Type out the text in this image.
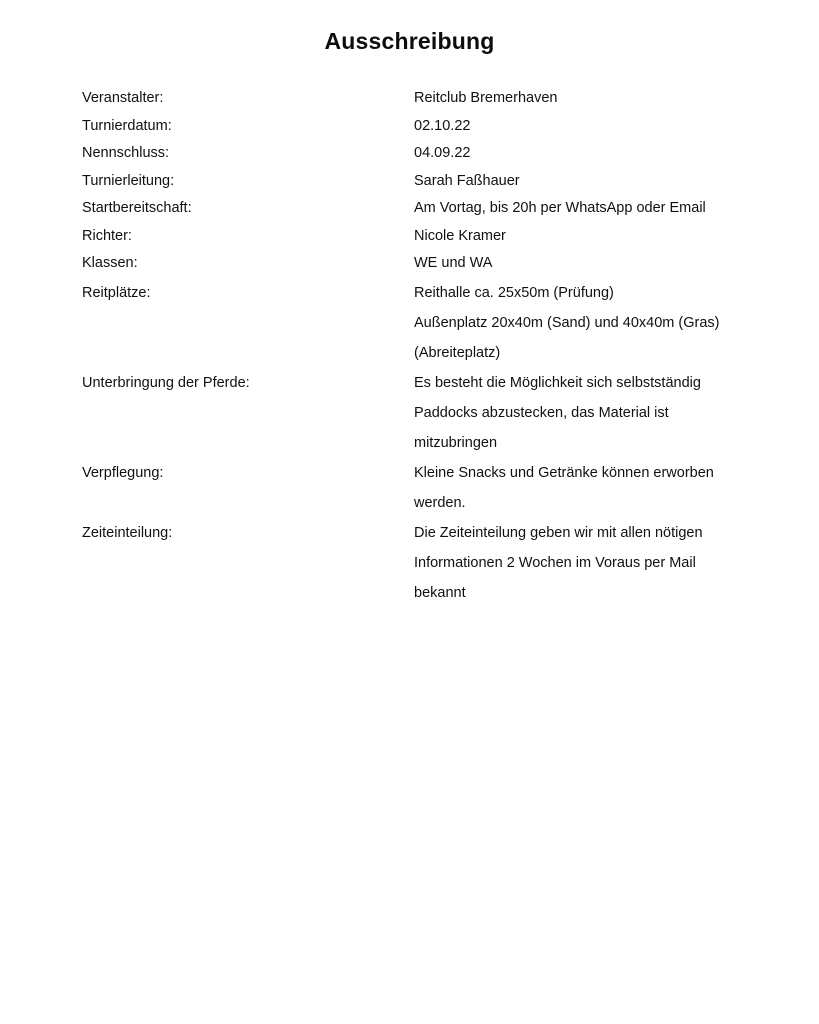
Ausschreibung
Veranstalter:	Reitclub Bremerhaven
Turnierdatum:	02.10.22
Nennschluss:	04.09.22
Turnierleitung:	Sarah Faßhauer
Startbereitschaft:	Am Vortag, bis 20h per WhatsApp oder Email
Richter:	Nicole Kramer
Klassen:	WE und WA
Reitplätze:	Reithalle ca. 25x50m (Prüfung)
Außenplatz 20x40m (Sand) und 40x40m (Gras)
(Abreiteplatz)
Unterbringung der Pferde:	Es besteht die Möglichkeit sich selbstständig
Paddocks abzustecken, das Material ist
mitzubringen
Verpflegung:	Kleine Snacks und Getränke können erworben
werden.
Zeiteinteilung:	Die Zeiteinteilung geben wir mit allen nötigen
Informationen 2 Wochen im Voraus per Mail
bekannt
